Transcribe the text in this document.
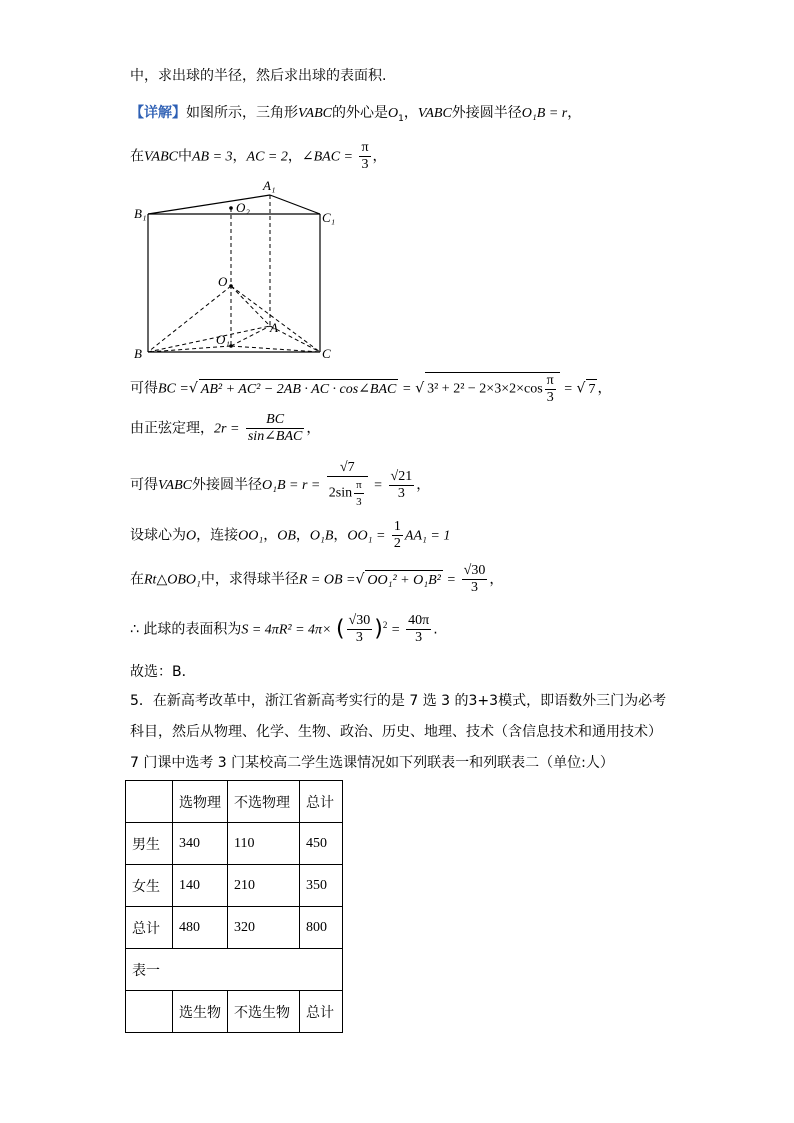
中，求出球的半径，然后求出球的表面积.
【详解】如图所示，三角形VABC的外心是$O_1$，VABC外接圆半径O₁B = r，
在VABC中AB = 3，AC = 2，∠BAC = $\frac{\pi}{3}$ ，
A₁
B₁	C₁
O₂
O
A
O₁
B	C
可得BC =√ AB² + AC² − 2AB · AC · cos∠BAC = √ $3^2 + 2^2 - 2\times 3\times 2\times\cos \frac{\pi}{3}$ = √ 7 ，
由正弦定理，$2r = \frac{BC}{\text{sin∠BAC}}$ ，
可得VABC外接圆半径$O_1B = r = \frac{√7}{2\sin \frac{\pi}{3}} = \frac{√21}{3}$ ，
设球心为O，连接OO₁，OB，O₁B，$OO_1 = \frac{1}{2} AA_1 = 1$
在Rt△OBO₁中，求得球半径R = OB =√ $OO_1^2 + O_1B^2 = \frac{√30}{3}$ ，
∴ 此球的表面积为S = 4πR² = 4π× ( $\frac{√30}{3} )^2 = \frac{40\pi}{3}$ .
故选：B．
5．在新高考改革中，浙江省新高考实行的是 7 选 3 的3+3模式，即语数外三门为必考
科目，然后从物理、化学、生物、政治、历史、地理、技术（含信息技术和通用技术）
7 门课中选考 3 门某校高二学生选课情况如下列联表一和列联表二（单位:人）
	选物理	不选物理	总计
男生	340	110	450
女生	140	210	350
总计	480	320	800
表一			
	选生物	不选生物	总计
